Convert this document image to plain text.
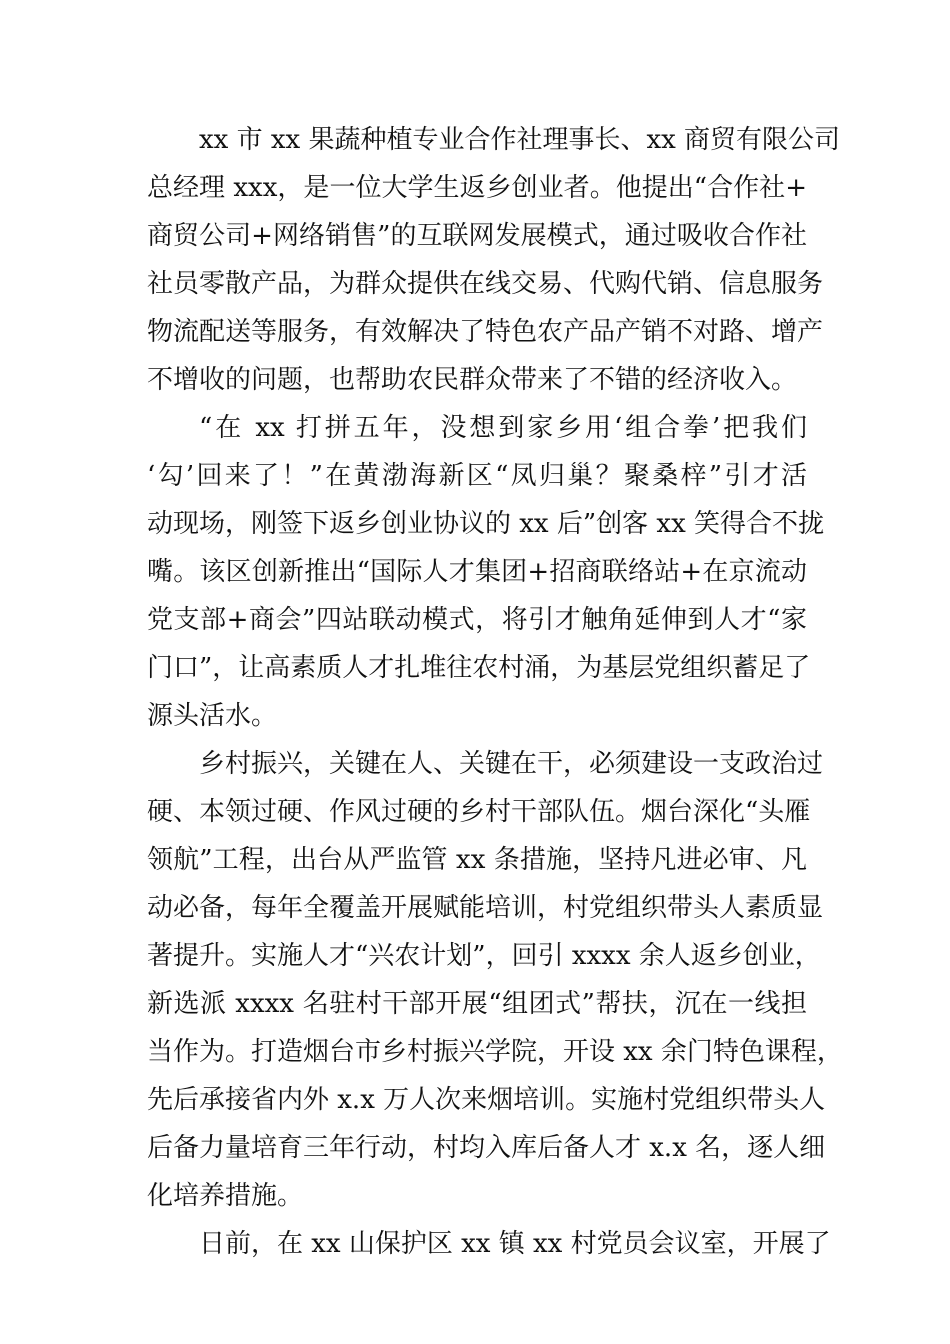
xx 市 xx 果蔬种植专业合作社理事长、xx 商贸有限公司
总经理 xxx，是一位大学生返乡创业者。他提出“合作社+
商贸公司+网络销售”的互联网发展模式，通过吸收合作社
社员零散产品，为群众提供在线交易、代购代销、信息服务
物流配送等服务，有效解决了特色农产品产销不对路、增产
不增收的问题，也帮助农民群众带来了不错的经济收入。
“在 xx 打拼五年，没想到家乡用‘组合拳’把我们
‘勾’回来了！”在黄渤海新区“凤归巢？聚桑梓”引才活
动现场，刚签下返乡创业协议的 xx 后”创客 xx 笑得合不拢
嘴。该区创新推出“国际人才集团+招商联络站+在京流动
党支部+商会”四站联动模式，将引才触角延伸到人才“家
门口”，让高素质人才扎堆往农村涌，为基层党组织蓄足了
源头活水。
乡村振兴，关键在人、关键在干，必须建设一支政治过
硬、本领过硬、作风过硬的乡村干部队伍。烟台深化“头雁
领航”工程，出台从严监管 xx 条措施，坚持凡进必审、凡
动必备，每年全覆盖开展赋能培训，村党组织带头人素质显
著提升。实施人才“兴农计划”，回引 xxxx 余人返乡创业，
新选派 xxxx 名驻村干部开展“组团式”帮扶，沉在一线担
当作为。打造烟台市乡村振兴学院，开设 xx 余门特色课程，
先后承接省内外 x.x 万人次来烟培训。实施村党组织带头人
后备力量培育三年行动，村均入库后备人才 x.x 名，逐人细
化培养措施。
日前，在 xx 山保护区 xx 镇 xx 村党员会议室，开展了
